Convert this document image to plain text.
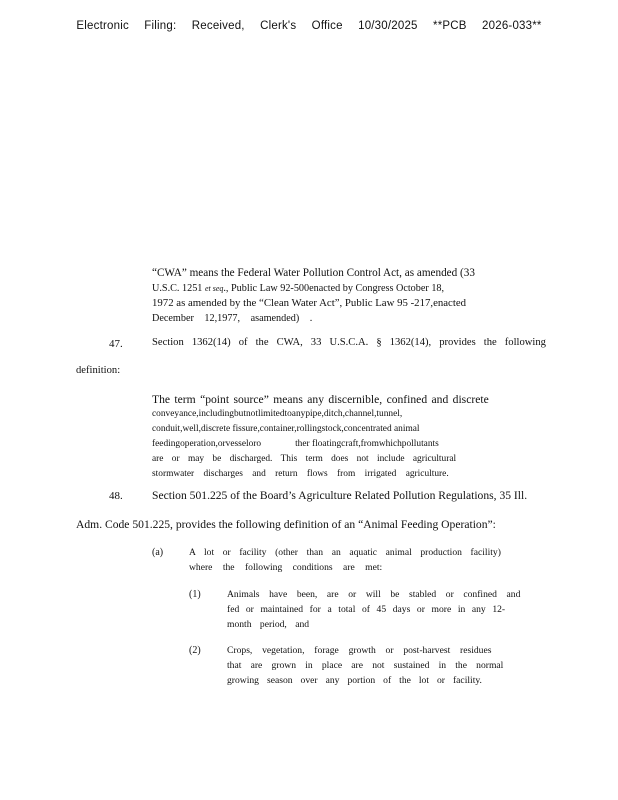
Electronic Filing: Received, Clerk's Office 10/30/2025 **PCB 2026-033**
“CWA” means the Federal Water Pollution Control Act, as amended (33
U.S.C. 1251 et seq., Public Law 92-500enacted by Congress October 18,
1972 as amended by the “Clean Water Act”, Public Law 95 -217,enacted
December 12,1977, asamended) .
47.	Section 1362(14) of the CWA, 33 U.S.C.A. § 1362(14), provides the following
definition:
The term “point source” means any discernible, confined and discrete
conveyance,includingbutnotlimitedtoanypipe,ditch,channel,tunnel,
conduit,well,discrete fissure,container,rollingstock,concentrated animal
feedingoperation,orvesseloro	ther floatingcraft,fromwhichpollutants
are or may be discharged. This term does not include agricultural
stormwater discharges and return flows from irrigated agriculture.
48.	Section 501.225 of the Board’s Agriculture Related Pollution Regulations, 35 Ill.
Adm. Code 501.225, provides the following definition of an “Animal Feeding Operation”:
(a)	A lot or facility (other than an aquatic animal production facility)
where the following conditions are met:
(1)	Animals have been, are or will be stabled or confined and
fed or maintained for a total of 45 days or more in any 12-
month period, and
(2)	Crops, vegetation, forage growth or post-harvest residues
that are grown in place are not sustained in the normal
growing season over any portion of the lot or facility.
